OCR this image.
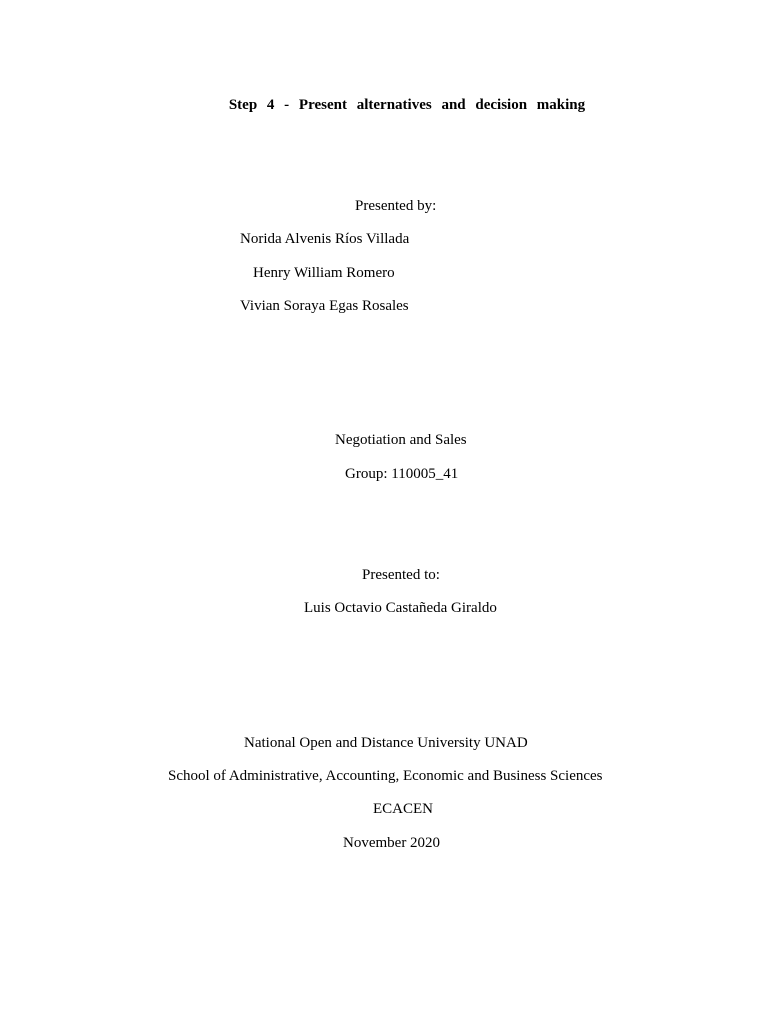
Step 4 - Present alternatives and decision making
Presented by:
Norida Alvenis Ríos Villada
Henry William Romero
Vivian Soraya Egas Rosales
Negotiation and Sales
Group: 110005_41
Presented to:
Luis Octavio Castañeda Giraldo
National Open and Distance University UNAD
School of Administrative, Accounting, Economic and Business Sciences
ECACEN
November 2020
